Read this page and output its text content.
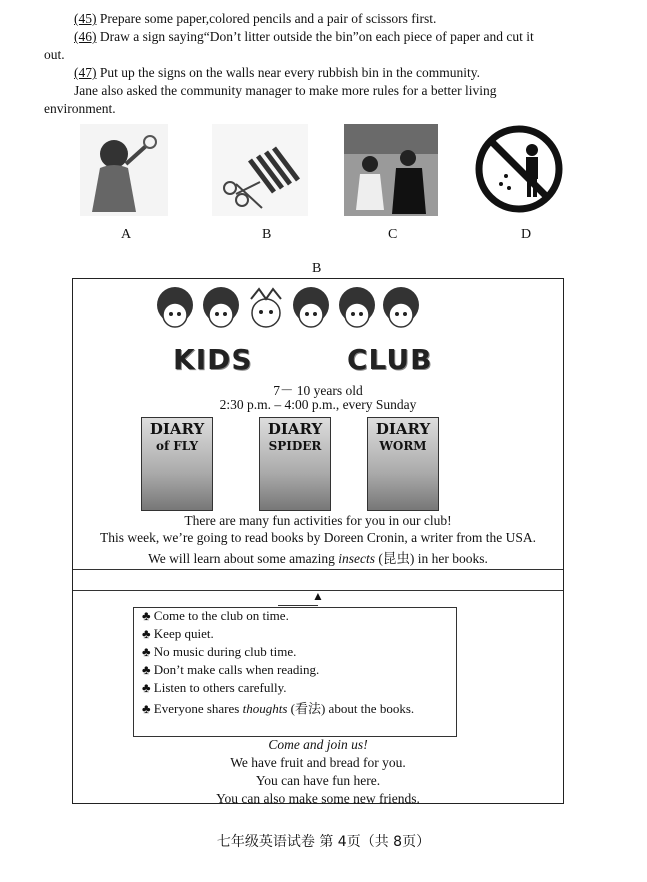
(45) Prepare some paper,colored pencils and a pair of scissors first.
(46) Draw a sign saying“Don’t litter outside the bin”on each piece of paper and cut it
out.
(47) Put up the signs on the walls near every rubbish bin in the community.
Jane also asked the community manager to make more rules for a better living
environment.
A	B	C	D
B
KIDS	CLUB
7－ 10 years old
2:30 p.m. – 4:00 p.m., every Sunday
DIARY
of FLY
DIARY
SPIDER
DIARY
WORM
There are many fun activities for you in our club!
This week, we’re going to read books by Doreen Cronin, a writer from the USA.
We will learn about some amazing insects (昆虫) in her books.
▲
♣ Come to the club on time.
♣ Keep quiet.
♣ No music during club time.
♣ Don’t make calls when reading.
♣ Listen to others carefully.
♣ Everyone shares thoughts (看法) about the books.
Come and join us!
We have fruit and bread for you.
You can have fun here.
You can also make some new friends.
七年级英语试卷 第 4页（共 8页）
